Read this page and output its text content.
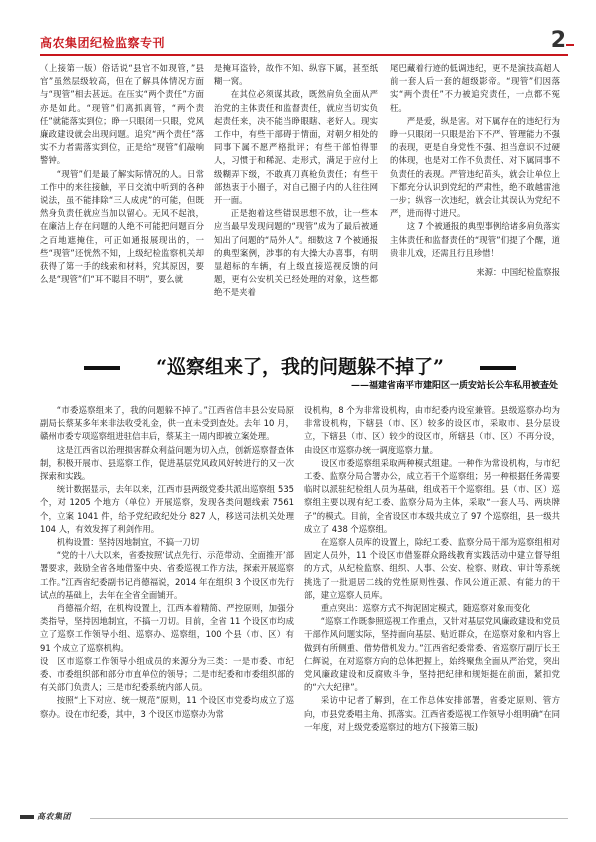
高农集团纪检监察专刊	2

（上接第一版）俗话说“县官不如现管，”县官”虽然层级较高，但在了解具体情况方面与“现管”相去甚远。在压实“两个责任”方面亦是如此。“现管”们离抓离管，“两个责任”就能落实到位；睁一只眼闭一只眼，党风廉政建设就会出现问题。追究“两个责任”落实不力者需落实到位，正是给“现管”们敲响警钟。

“现管”们是最了解实际情况的人。日常工作中的来往接触，平日交流中听到的各种说法，虽不能排除“三人成虎”的可能，但既然身负责任就应当加以留心。无风不起浪，在廉洁上存在问题的人绝不可能把问题百分之百地遮掩住，可正如通报展现出的，一些“现管”还恍然不知，上级纪检监察机关却获得了第一手的线索和材料，究其原因，要么是“现管”们“耳不聪目不明”，要么就

是掩耳盗铃，故作不知、纵容下属，甚至纸糊一窝。

在其位必须谋其政，既然肩负全面从严治党的主体责任和监督责任，就应当切实负起责任来，决不能当睁眼瞎、老好人。现实工作中，有些干部碍于情面，对朝夕相处的同事下属不愿严格批评；有些干部怕得罪人，习惯于和稀泥、走形式，满足于应付上级糊弄下级，不敢真刀真枪负责任；有些干部热衷于小圈子，对自己圈子内的人往往网开一面。

正是抱着这些错误思想不放，让一些本应当最早发现问题的“现管”成为了最后被通知出了问题的“局外人”。细数这 7 个被通报的典型案例，涉事的有大操大办喜事，有明显超标的车辆，有上级直接巡视反馈的问题，更有公安机关已经处理的对象，这些都绝不是夹着

尾巴藏着行迹的低调违纪，更不是演技高超人前一套人后一套的超级影帝。“现管”们因落实“两个责任”不力被追究责任，一点都不冤枉。

严是爱，纵是害。对下属存在的违纪行为睁一只眼闭一只眼是治下不严、管理能力不强的表现，更是自身党性不强、担当意识不过硬的体现，也是对工作不负责任、对下属同事不负责任的表现。严管违纪苗头，就会让单位上下都充分认识到党纪的严肃性，绝不敢越雷池一步；纵容一次违纪，就会让其误认为党纪不严，进而得寸进尺。

这 7 个被通报的典型事例给诸多肩负落实主体责任和监督责任的“现管”们提了个醒，道贵非儿戏，还需且行且珍惜！

来源：中国纪检监察报

“巡察组来了，我的问题躲不掉了”
——福建省南平市建阳区一质安站长公车私用被查处

“市委巡察组来了，我的问题躲不掉了。”江西省信丰县公安局原副局长蔡某多年来非法收受礼金，供一直未受到查处。去年 10 月，赣州市委专项巡察组进驻信丰后，蔡某主一周内即被立案处理。

这是江西省以治理损害群众利益问题为切入点，创新巡察督查体制，积极开展市、县巡察工作，促进基层党风政风好转进行的又一次探索和实践。

统计数据显示，去年以来，江西市县两级党委共派出巡察组 535 个，对 1205 个地方（单位）开展巡察，发现各类问题线索 7561 个，立案 1041 件，给予党纪政纪处分 827 人，移送司法机关处理 104 人，有效发挥了利剑作用。

机构设置：坚持因地制宜，不搞一刀切

“党的十八大以来，省委按照‘试点先行、示范带动、全面推开’部署要求，鼓励全省各地借鉴中央、省委巡视工作方法，探索开展巡察工作。”江西省纪委副书记肖德福说，2014 年在组织 3 个设区市先行试点的基础上，去年在全省全面铺开。

肖德福介绍，在机构设置上，江西本着精简、严控原则，加强分类指导，坚持因地制宜，不搞一刀切。目前，全省 11 个设区市均成立了巡察工作领导小组、巡察办、巡察组，100 个县（市、区）有 91 个成立了巡察机构。

设　区市巡察工作领导小组成员的来源分为三类：一是市委、市纪委、市委组织部和部分市直单位的领导；二是市纪委和市委组织部的有关部门负责人；三是市纪委系统内部人员。

按照“上下对应、统一规范”原则，11 个设区市党委均成立了巡察办。设在市纪委，其中，3 个设区市巡察办为常

设机构，8 个为非常设机构，由市纪委内设室兼管。县级巡察办均为非常设机构，下辖县（市、区）较多的设区市，采取市、县分层设立，下辖县（市、区）较少的设区市，所辖县（市、区）不再分设，由设区市巡察办统一调度巡察力量。

设区市委巡察组采取两种模式组建。一种作为常设机构，与市纪工委、监察分局合署办公，成立若干个巡察组；另一种根据任务需要临时以派驻纪检组人员为基础，组成若干个巡察组。县（市、区）巡察组主要以现有纪工委、监察分局为主体，采取“一套人马、两块牌子”的模式。目前，全省设区市本级共成立了 97 个巡察组，县一级共成立了 438 个巡察组。

在巡察人员库的设置上，除纪工委、监察分局干部为巡察组相对固定人员外，11 个设区市借鉴群众路线教育实践活动中建立督导组的方式，从纪检监察、组织、人事、公安、检察、财政、审计等系统挑选了一批退居二线的党性原则性强、作风公道正派、有能力的干部，建立巡察人员库。

重点突出：巡察方式不拘泥固定模式，随巡察对象而变化

“巡察工作既参照巡视工作重点，又针对基层党风廉政建设和党员干部作风问题实际，坚持面向基层、贴近群众，在巡察对象和内容上做到有所侧重、借势借机发力。”江西省纪委常委、省巡察厅副厅长王仁辉说，在对巡察方向的总体把握上，始终聚焦全面从严治党，突出党风廉政建设和反腐败斗争，坚持把纪律和规矩挺在前面，紧扣党的“六大纪律”。

采访中记者了解到，在工作总体安排部署，省委定原则、管方向，市县党委唱主角、抓落实。江西省委巡视工作领导小组明确“在同一年度，对上级党委巡察过的地方(下接第三版)

高农集团
